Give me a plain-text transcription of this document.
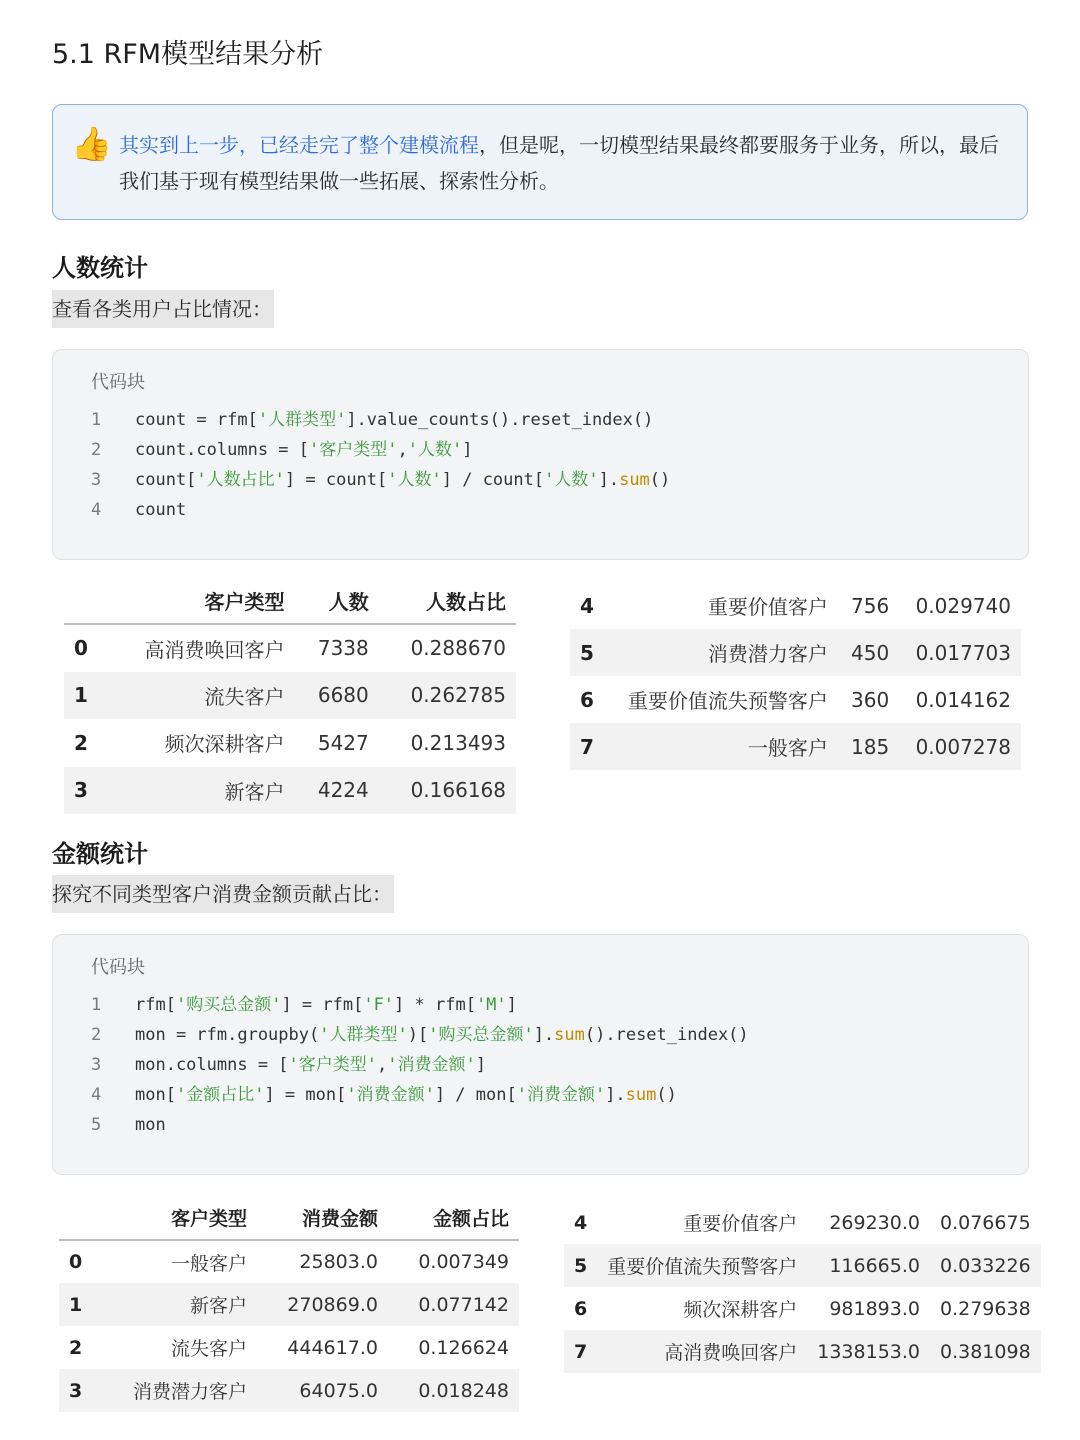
5.1 RFM模型结果分析
👍 其实到上一步，已经走完了整个建模流程，但是呢，一切模型结果最终都要服务于业务，所以，最后我们基于现有模型结果做一些拓展、探索性分析。
人数统计
查看各类用户占比情况：
代码块
1	count = rfm['人群类型'].value_counts().reset_index()
2	count.columns = ['客户类型','人数']
3	count['人数占比'] = count['人数'] / count['人数'].sum()
4	count
	客户类型	人数	人数占比
0	高消费唤回客户	7338	0.288670
1	流失客户	6680	0.262785
2	频次深耕客户	5427	0.213493
3	新客户	4224	0.166168
4	重要价值客户	756	0.029740
5	消费潜力客户	450	0.017703
6	重要价值流失预警客户	360	0.014162
7	一般客户	185	0.007278
金额统计
探究不同类型客户消费金额贡献占比：
代码块
1	rfm['购买总金额'] = rfm['F'] * rfm['M']
2	mon = rfm.groupby('人群类型')['购买总金额'].sum().reset_index()
3	mon.columns = ['客户类型','消费金额']
4	mon['金额占比'] = mon['消费金额'] / mon['消费金额'].sum()
5	mon
	客户类型	消费金额	金额占比
0	一般客户	25803.0	0.007349
1	新客户	270869.0	0.077142
2	流失客户	444617.0	0.126624
3	消费潜力客户	64075.0	0.018248
4	重要价值客户	269230.0	0.076675
5	重要价值流失预警客户	116665.0	0.033226
6	频次深耕客户	981893.0	0.279638
7	高消费唤回客户	1338153.0	0.381098
